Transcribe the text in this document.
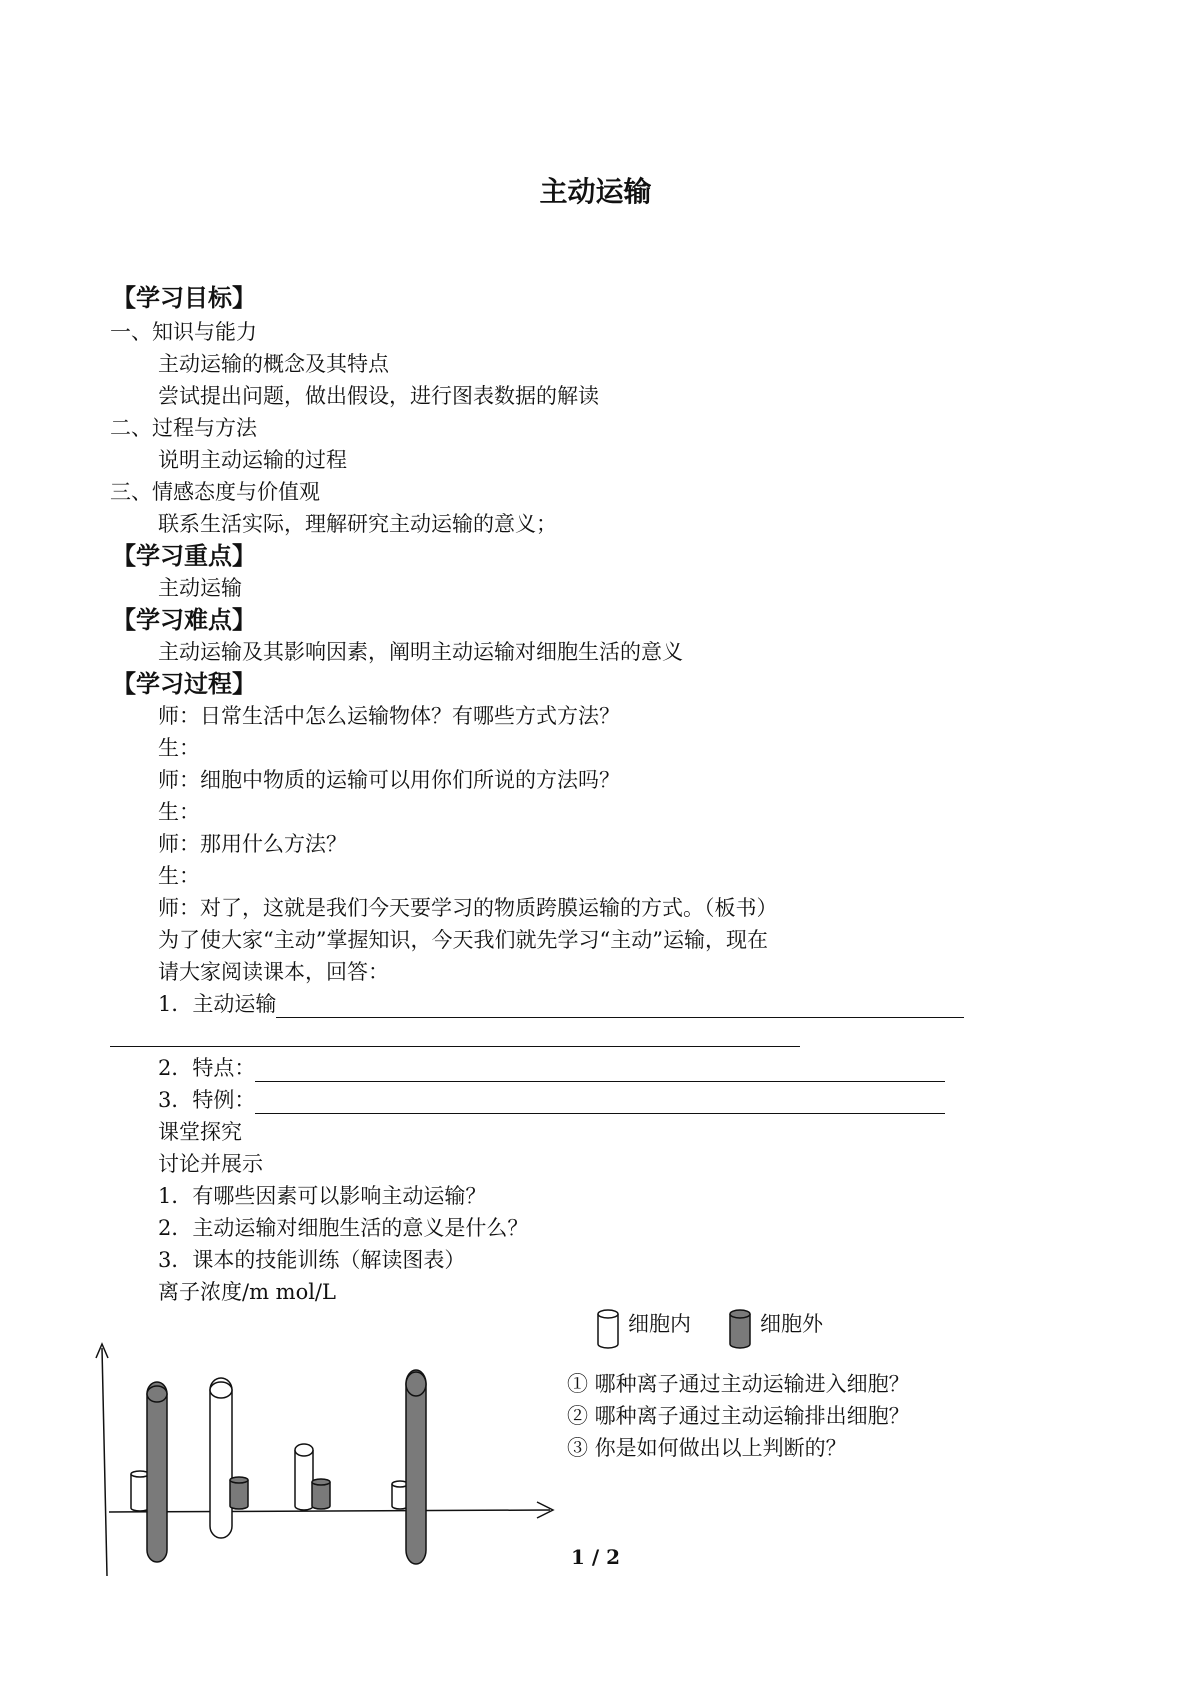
主动运输
【学习目标】
一、知识与能力
主动运输的概念及其特点
尝试提出问题，做出假设，进行图表数据的解读
二、过程与方法
说明主动运输的过程
三、情感态度与价值观
联系生活实际，理解研究主动运输的意义；
【学习重点】
主动运输
【学习难点】
主动运输及其影响因素，阐明主动运输对细胞生活的意义
【学习过程】
师：日常生活中怎么运输物体？有哪些方式方法？
生：
师：细胞中物质的运输可以用你们所说的方法吗？
生：
师：那用什么方法？
生：
师：对了，这就是我们今天要学习的物质跨膜运输的方式。（板书）
为了使大家“主动”掌握知识，今天我们就先学习“主动”运输，现在
请大家阅读课本，回答：
1．主动运输
2．特点：
3．特例：
课堂探究
讨论并展示
1．有哪些因素可以影响主动运输？
2．主动运输对细胞生活的意义是什么？
3．课本的技能训练（解读图表）
离子浓度/m mol/L
细胞内	细胞外
① 哪种离子通过主动运输进入细胞？
② 哪种离子通过主动运输排出细胞？
③ 你是如何做出以上判断的？
1 / 2
